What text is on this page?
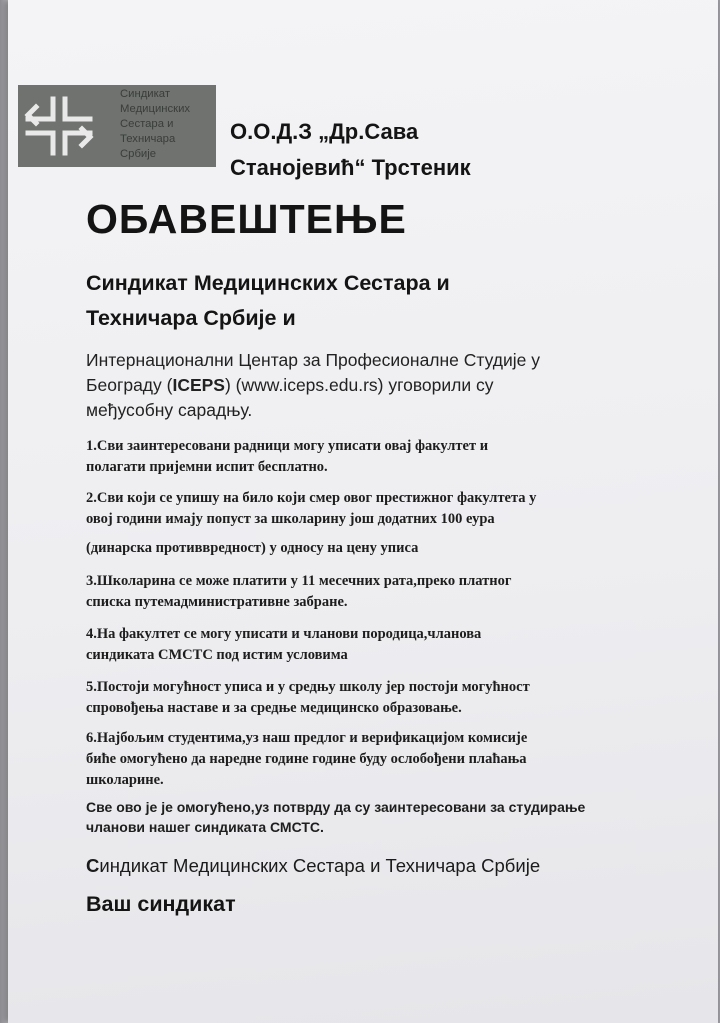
Синдикат
Медицинских
Сестара и
Техничара
Србије
О.О.Д.З „Др.Сава
Станојевић“ Трстеник
ОБАВЕШТЕЊЕ
Синдикат Медицинских Сестара и
Техничара Србије и
Интернационални Центар за Професионалне Студије у
Београду (ICEPS) (www.iceps.edu.rs) уговорили су
међусобну сарадњу.
1.Сви заинтересовани радници могу уписати овај факултет и
полагати пријемни испит бесплатно.
2.Сви који се упишу на било који смер овог престижног факултета у
овој години имају попуст за школарину још додатних 100 еура
(динарска противвредност) у односу на цену уписа
3.Школарина се може платити у 11 месечних рата,преко платног
списка путемадминистративне забране.
4.На факултет се могу уписати и чланови породица,чланова
синдиката СМСТС под истим условима
5.Постоји могућност уписа и у средњу школу јер постоји могућност
спровођења наставе и за средње медицинско образовање.
6.Најбољим студентима,уз наш предлог и верификацијом комисије
биће омогућено да наредне године године буду ослобођени плаћања
школарине.
Све ово је је омогућено,уз потврду да су заинтересовани за студирање
чланови нашег синдиката СМСТС.
Синдикат Медицинских Сестара и Техничара Србије
Ваш синдикат
